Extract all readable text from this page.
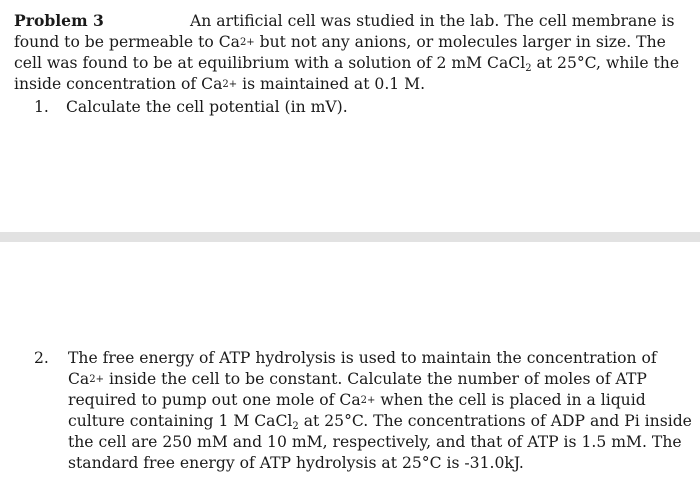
Problem 3	An artificial cell was studied in the lab. The cell membrane is
found to be permeable to $Ca^{2+}$ but not any anions, or molecules larger in size. The
cell was found to be at equilibrium with a solution of 2 mM CaCl$_2$ at 25°C, while the
inside concentration of $Ca^{2+}$ is maintained at 0.1 M.
1.	Calculate the cell potential (in mV).
2.	The free energy of ATP hydrolysis is used to maintain the concentration of
$Ca^{2+}$ inside the cell to be constant. Calculate the number of moles of ATP
required to pump out one mole of $Ca^{2+}$ when the cell is placed in a liquid
culture containing 1 M CaCl$_2$ at 25°C. The concentrations of ADP and Pi inside
the cell are 250 mM and 10 mM, respectively, and that of ATP is 1.5 mM. The
standard free energy of ATP hydrolysis at 25°C is -31.0kJ.
